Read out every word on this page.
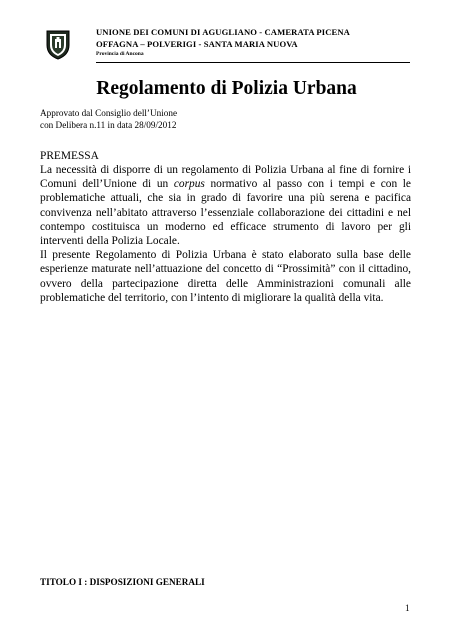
UNIONE DEI COMUNI DI AGUGLIANO - CAMERATA PICENA
OFFAGNA – POLVERIGI - SANTA MARIA NUOVA
Provincia di Ancona
Regolamento di Polizia Urbana
Approvato dal Consiglio dell’Unione
con Delibera n.11 in data 28/09/2012
PREMESSA

La necessità di disporre di un regolamento di Polizia Urbana al fine di fornire i Comuni dell’Unione di un corpus normativo al passo con i tempi e con le problematiche attuali, che sia in grado di favorire una più serena e pacifica convivenza nell’abitato attraverso l’essenziale collaborazione dei cittadini e nel contempo costituisca un moderno ed efficace strumento di lavoro per gli interventi della Polizia Locale.

Il presente Regolamento di Polizia Urbana è stato elaborato sulla base delle esperienze maturate nell’attuazione del concetto di “Prossimità” con il cittadino, ovvero della partecipazione diretta delle Amministrazioni comunali alle problematiche del territorio, con l’intento di migliorare la qualità della vita.

TITOLO I : DISPOSIZIONI GENERALI
1
